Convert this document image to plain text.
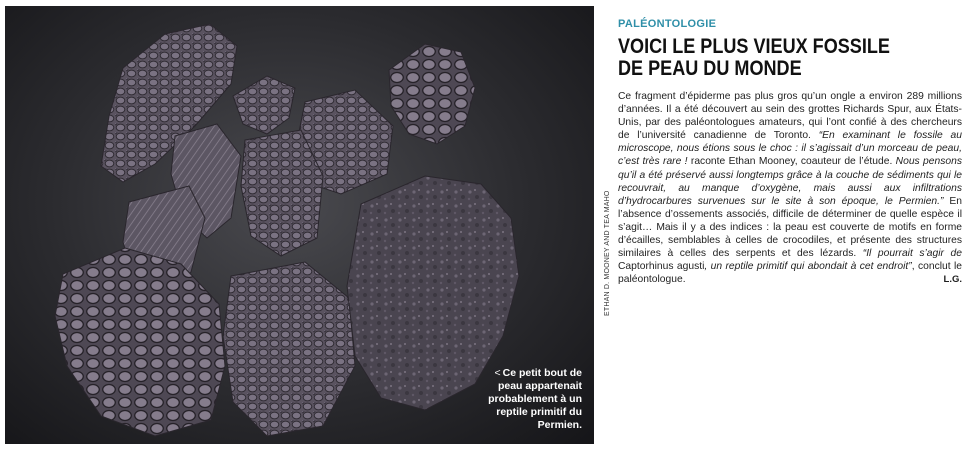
< Ce petit bout de peau appartenait probablement à un reptile primitif du Permien.
ETHAN D. MOONEY AND TEA MAHO
PALÉONTOLOGIE
VOICI LE PLUS VIEUX FOSSILE
DE PEAU DU MONDE
Ce fragment d’épiderme pas plus gros qu’un ongle a environ 289 millions d’années. Il a été découvert au sein des grottes Richards Spur, aux États-Unis, par des paléontologues amateurs, qui l’ont confié à des chercheurs de l’université canadienne de Toronto. “En examinant le fossile au microscope, nous étions sous le choc : il s’agissait d’un morceau de peau, c’est très rare ! raconte Ethan Mooney, coauteur de l’étude. Nous pensons qu’il a été préservé aussi longtemps grâce à la couche de sédiments qui le recouvrait, au manque d’oxygène, mais aussi aux infiltrations d’hydrocarbures survenues sur le site à son époque, le Permien.” En l’absence d’ossements associés, difficile de déterminer de quelle espèce il s’agit… Mais il y a des indices : la peau est couverte de motifs en forme d’écailles, semblables à celles de crocodiles, et présente des structures similaires à celles des serpents et des lézards. “Il pourrait s’agir de Captorhinus agusti, un reptile primitif qui abondait à cet endroit”, conclut le paléontologue.	L.G.
